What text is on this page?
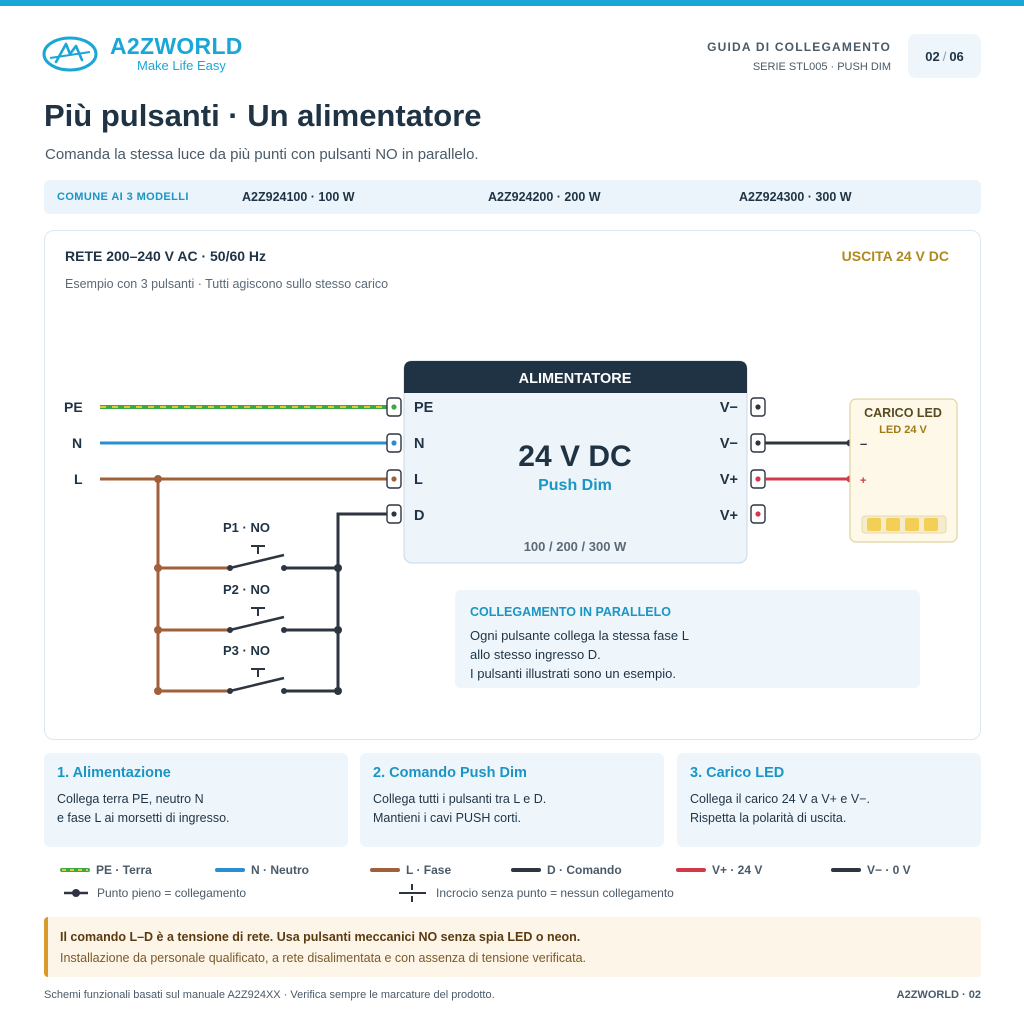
A2ZWORLD
Make Life Easy
GUIDA DI COLLEGAMENTO
SERIE STL005 · PUSH DIM
02 / 06
Più pulsanti · Un alimentatore
Comanda la stessa luce da più punti con pulsanti NO in parallelo.
COMUNE AI 3 MODELLI	A2Z924100 · 100 W	A2Z924200 · 200 W	A2Z924300 · 300 W
RETE 200–240 V AC · 50/60 Hz	USCITA 24 V DC
Esempio con 3 pulsanti · Tutti agiscono sullo stesso carico
PE
N
L
P1 · NO
P2 · NO
P3 · NO
ALIMENTATORE
24 V DC
Push Dim
100 / 200 / 300 W
PE
N
L
D
V−
V−
V+
V+
CARICO LED
LED 24 V
–
+
COLLEGAMENTO IN PARALLELO
Ogni pulsante collega la stessa fase L
allo stesso ingresso D.
I pulsanti illustrati sono un esempio.
1. Alimentazione
Collega terra PE, neutro N
e fase L ai morsetti di ingresso.
2. Comando Push Dim
Collega tutti i pulsanti tra L e D.
Mantieni i cavi PUSH corti.
3. Carico LED
Collega il carico 24 V a V+ e V−.
Rispetta la polarità di uscita.
PE · Terra	N · Neutro	L · Fase	D · Comando	V+ · 24 V	V− · 0 V
Punto pieno = collegamento	Incrocio senza punto = nessun collegamento
Il comando L–D è a tensione di rete. Usa pulsanti meccanici NO senza spia LED o neon.
Installazione da personale qualificato, a rete disalimentata e con assenza di tensione verificata.
Schemi funzionali basati sul manuale A2Z924XX · Verifica sempre le marcature del prodotto.	A2ZWORLD · 02
